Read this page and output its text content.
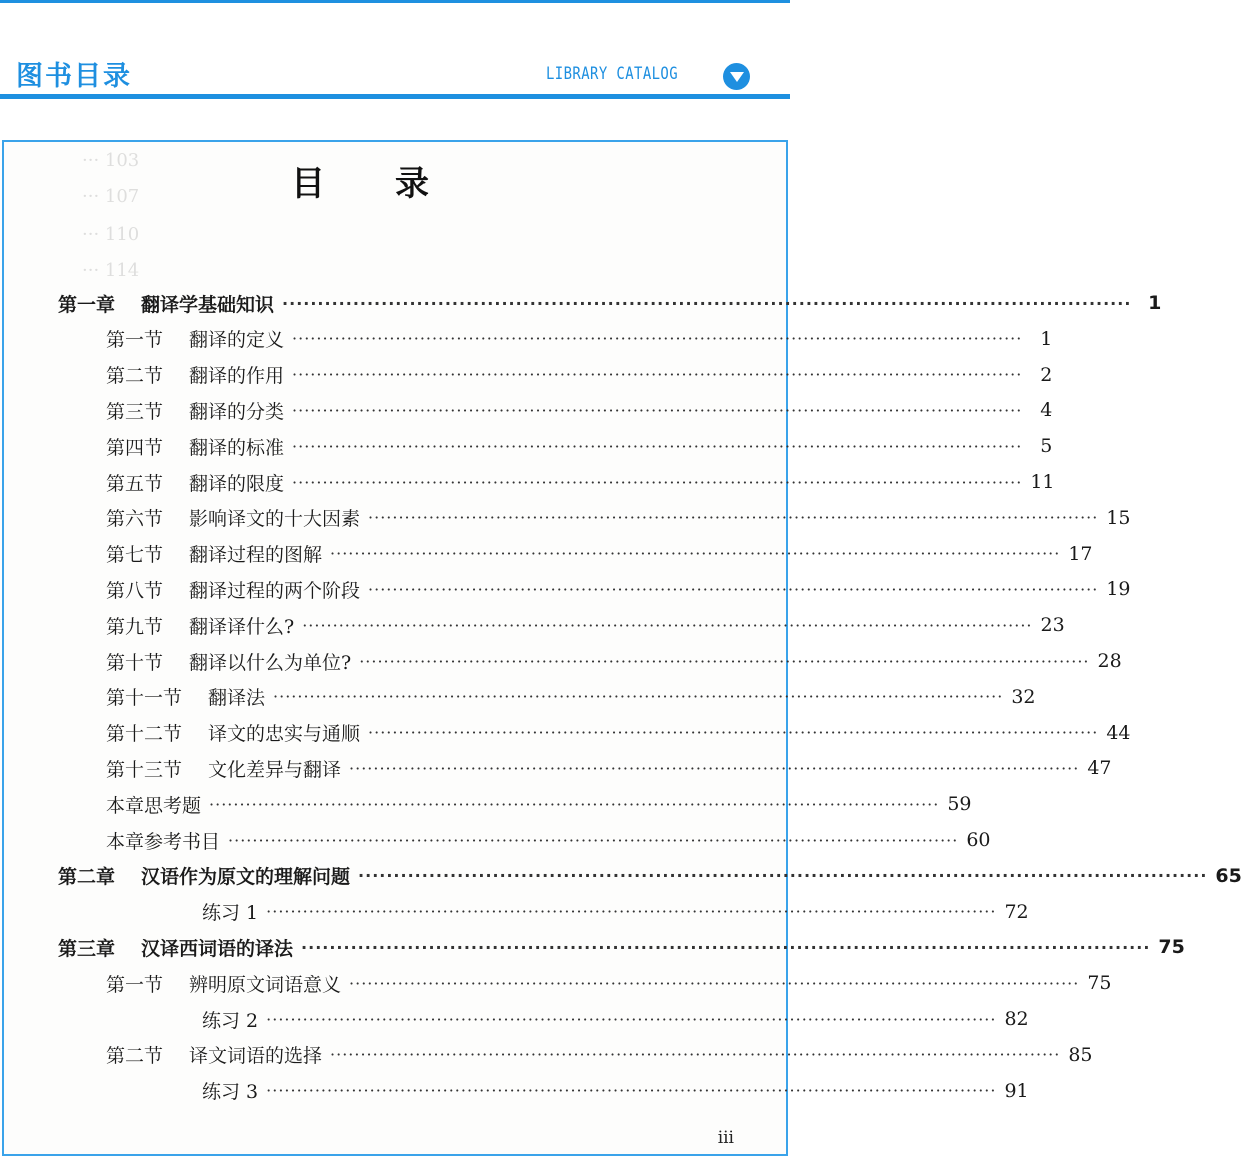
图书目录	LIBRARY CATALOG
··· 103
··· 107
··· 110
··· 114
目录
第一章 翻译学基础知识 ························································································································ 1
第一节 翻译的定义 ························································································································ 1
第二节 翻译的作用 ························································································································ 2
第三节 翻译的分类 ························································································································ 4
第四节 翻译的标准 ························································································································ 5
第五节 翻译的限度 ························································································································ 11
第六节 影响译文的十大因素 ························································································································ 15
第七节 翻译过程的图解 ························································································································ 17
第八节 翻译过程的两个阶段 ························································································································ 19
第九节 翻译译什么? ························································································································ 23
第十节 翻译以什么为单位? ························································································································ 28
第十一节 翻译法 ························································································································ 32
第十二节 译文的忠实与通顺 ························································································································ 44
第十三节 文化差异与翻译 ························································································································ 47
本章思考题 ························································································································ 59
本章参考书目 ························································································································ 60
第二章 汉语作为原文的理解问题 ························································································································ 65
练习 1 ························································································································ 72
第三章 汉译西词语的译法 ························································································································ 75
第一节 辨明原文词语意义 ························································································································ 75
练习 2 ························································································································ 82
第二节 译文词语的选择 ························································································································ 85
练习 3 ························································································································ 91
iii
